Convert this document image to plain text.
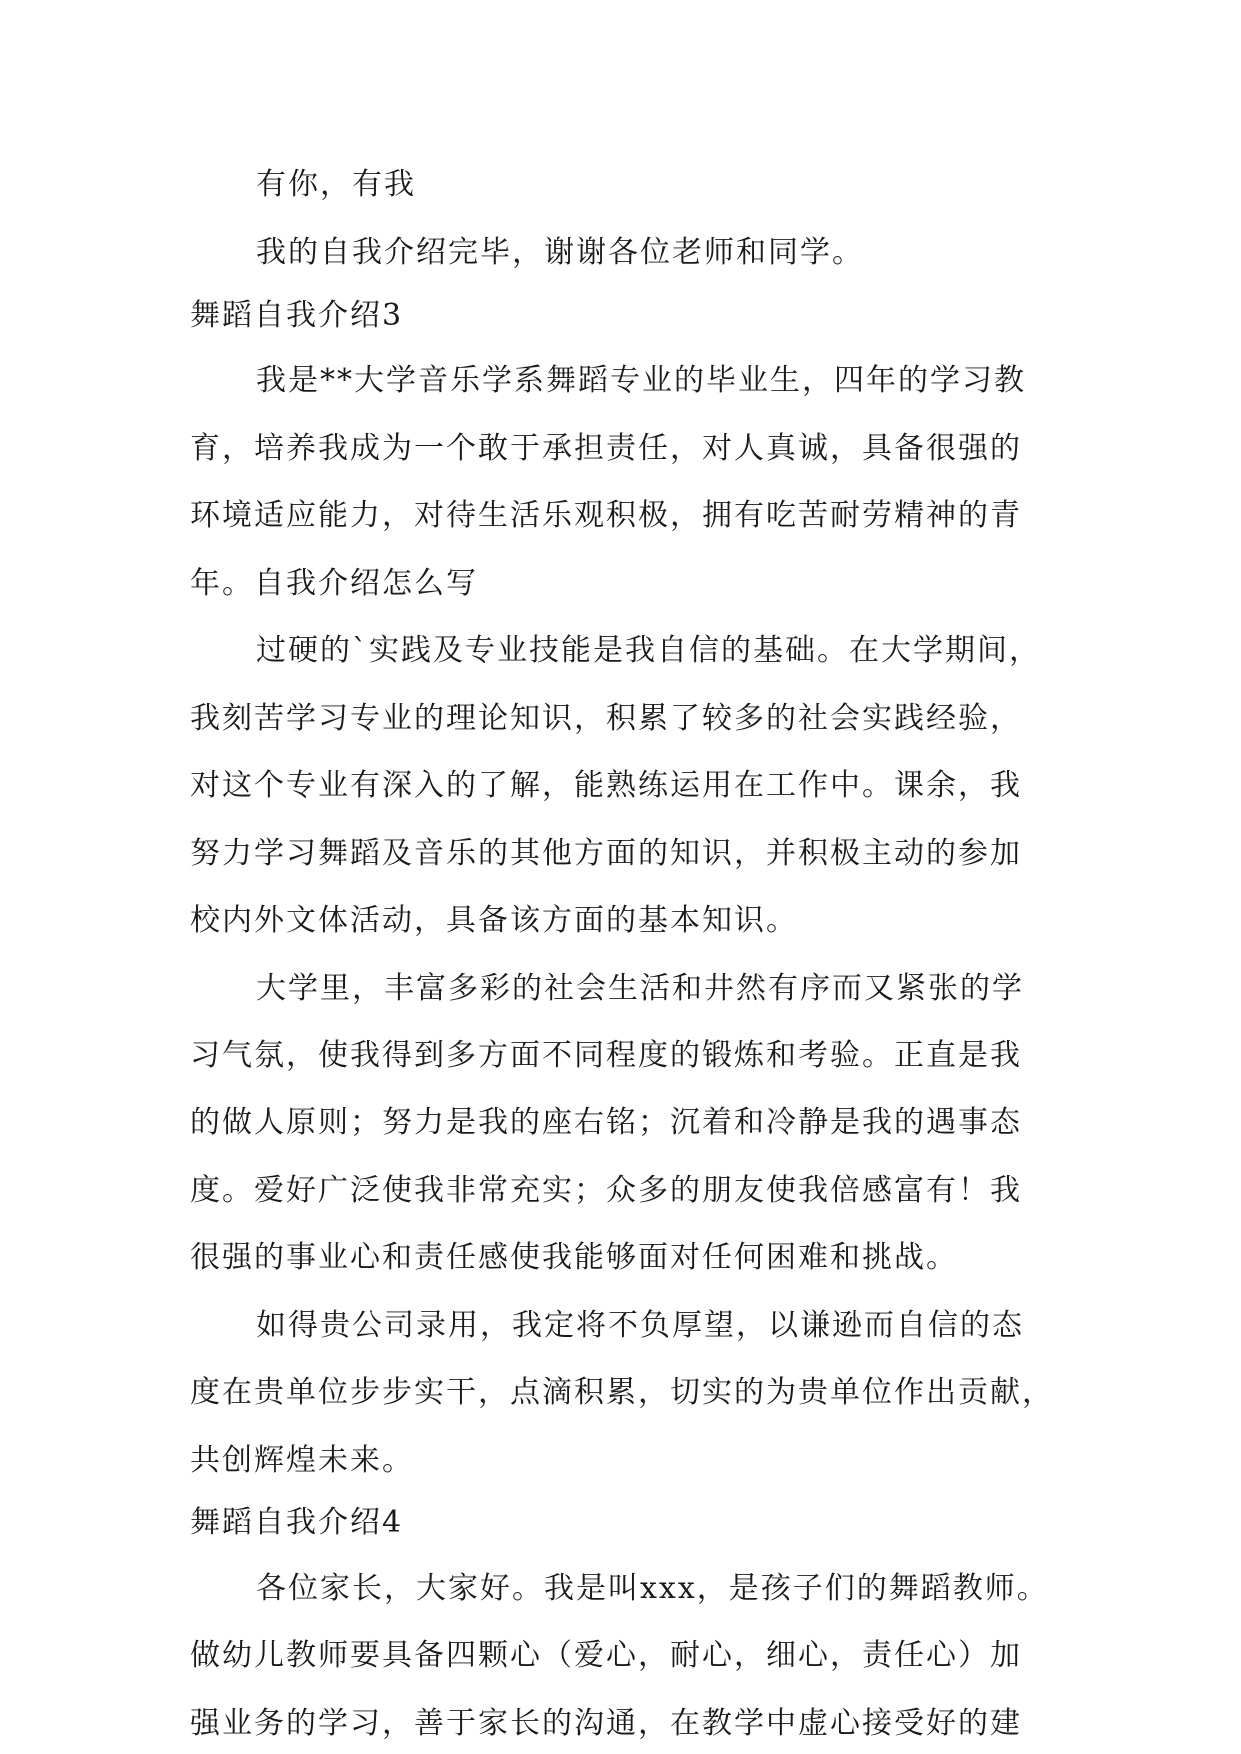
有你，有我
我的自我介绍完毕，谢谢各位老师和同学。
舞蹈自我介绍3
我是**大学音乐学系舞蹈专业的毕业生，四年的学习教
育，培养我成为一个敢于承担责任，对人真诚，具备很强的
环境适应能力，对待生活乐观积极，拥有吃苦耐劳精神的青
年。自我介绍怎么写
过硬的`实践及专业技能是我自信的基础。在大学期间，
我刻苦学习专业的理论知识，积累了较多的社会实践经验，
对这个专业有深入的了解，能熟练运用在工作中。课余，我
努力学习舞蹈及音乐的其他方面的知识，并积极主动的参加
校内外文体活动，具备该方面的基本知识。
大学里，丰富多彩的社会生活和井然有序而又紧张的学
习气氛，使我得到多方面不同程度的锻炼和考验。正直是我
的做人原则；努力是我的座右铭；沉着和冷静是我的遇事态
度。爱好广泛使我非常充实；众多的朋友使我倍感富有！我
很强的事业心和责任感使我能够面对任何困难和挑战。
如得贵公司录用，我定将不负厚望，以谦逊而自信的态
度在贵单位步步实干，点滴积累，切实的为贵单位作出贡献，
共创辉煌未来。
舞蹈自我介绍4
各位家长，大家好。我是叫xxx，是孩子们的舞蹈教师。
做幼儿教师要具备四颗心（爱心，耐心，细心，责任心）加
强业务的学习，善于家长的沟通，在教学中虚心接受好的建
